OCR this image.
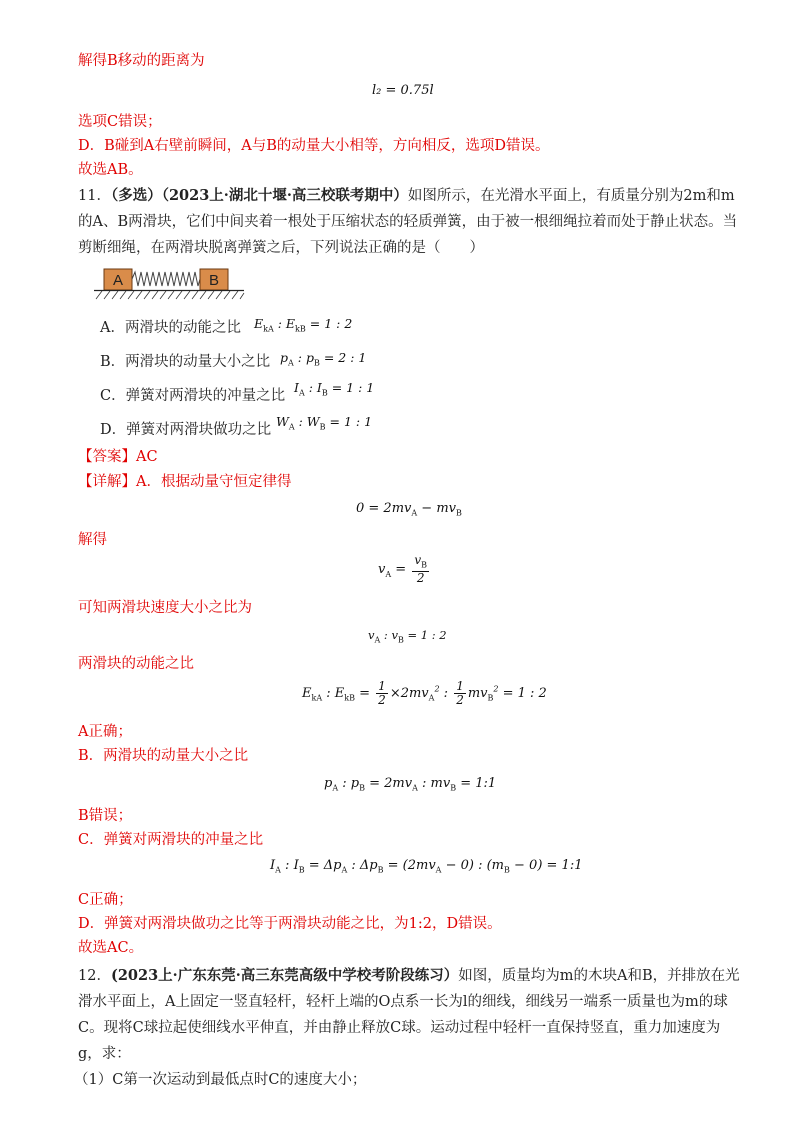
解得B移动的距离为
l₂ = 0.75l
选项C错误；
D．B碰到A右壁前瞬间，A与B的动量大小相等，方向相反，选项D错误。
故选AB。
11．（多选）（2023上·湖北十堰·高三校联考期中）如图所示，在光滑水平面上，有质量分别为2m和m
的A、B两滑块，它们中间夹着一根处于压缩状态的轻质弹簧，由于被一根细绳拉着而处于静止状态。当
剪断细绳，在两滑块脱离弹簧之后，下列说法正确的是（　　）
A	B
A．两滑块的动能之比 $E_{kA}$ : $E_{kB} = 1$ : 2
B．两滑块的动量大小之比 $p_A$ : $p_B = 2$ : 1
C．弹簧对两滑块的冲量之比
$I_A$ : $I_B = 1$ : 1
D．弹簧对两滑块做功之比
$W_A$ : $W_B = 1$ : 1
【答案】AC
【详解】A．根据动量守恒定律得
$0 = 2mv_A - mv_B$
解得
$v_A = \frac{v_B}{2}$
可知两滑块速度大小之比为
$v_A$ : $v_B = 1$ : 2
两滑块的动能之比
$E_{kA}$ : $E_{kB} = \frac{1}{2} \times 2mv_A^2$ : $\frac{1}{2} mv_B^2 = 1$ : 2
A正确；
B．两滑块的动量大小之比
$p_A$ : $p_B = 2mv_A$ : $mv_B$ = 1:1
B错误；
C．弹簧对两滑块的冲量之比
$I_A$ : $I_B = \Delta p_A$ : $\Delta p_B = (2mv_A - 0)$ : $(m_B - 0)$ = 1:1
C正确；
D．弹簧对两滑块做功之比等于两滑块动能之比，为1:2，D错误。
故选AC。
12．(2023上·广东东莞·高三东莞高级中学校考阶段练习）如图，质量均为m的木块A和B，并排放在光
滑水平面上，A上固定一竖直轻杆，轻杆上端的O点系一长为l的细线，细线另一端系一质量也为m的球
C。现将C球拉起使细线水平伸直，并由静止释放C球。运动过程中轻杆一直保持竖直，重力加速度为
g，求：
（1）C第一次运动到最低点时C的速度大小；
